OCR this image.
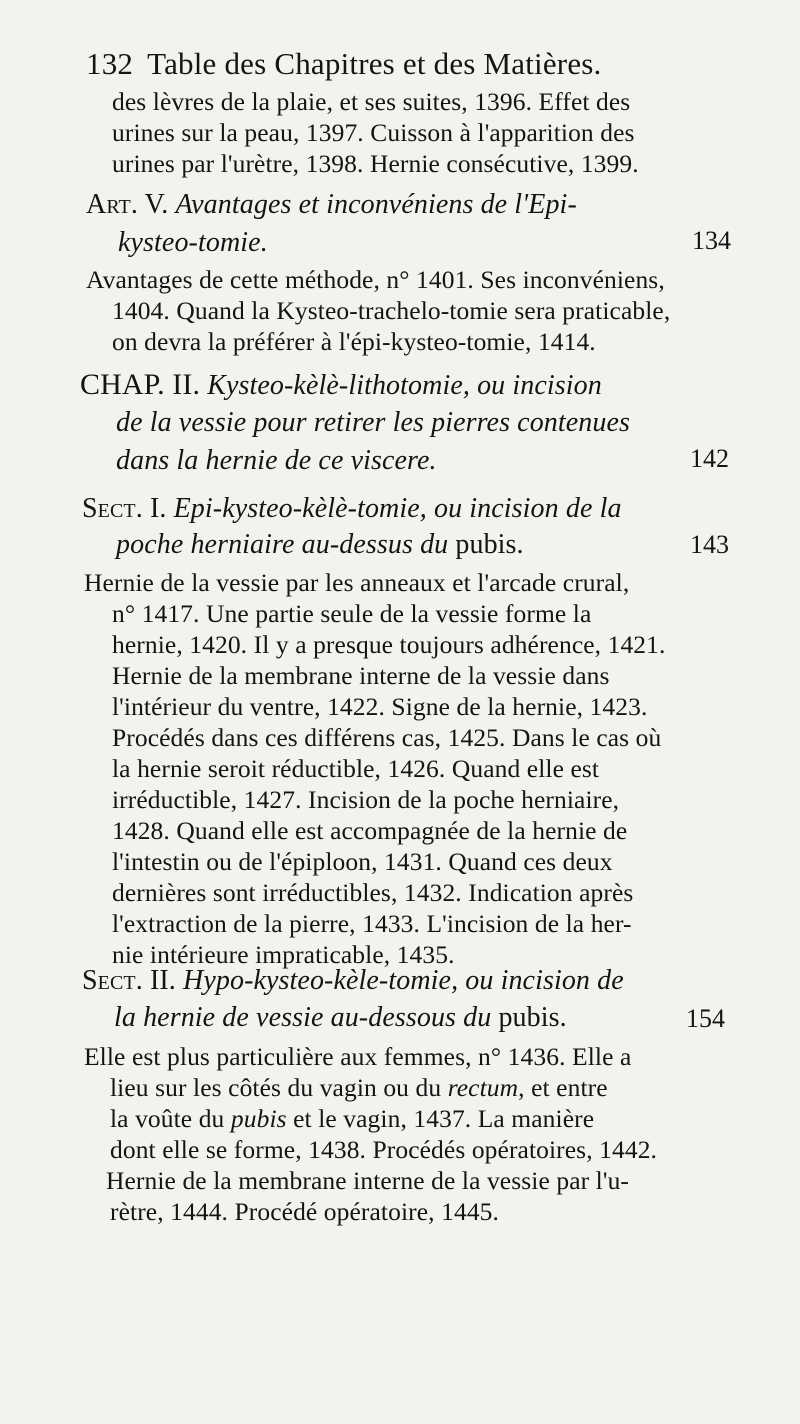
132 Table des Chapitres et des Matières.
des lèvres de la plaie, et ses suites, 1396. Effet des
urines sur la peau, 1397. Cuisson à l'apparition des
urines par l'urètre, 1398. Hernie consécutive, 1399.
Art. V. Avantages et inconvéniens de l'Epi-
kysteo-tomie.	134
Avantages de cette méthode, n° 1401. Ses inconvéniens,
1404. Quand la Kysteo-trachelo-tomie sera praticable,
on devra la préférer à l'épi-kysteo-tomie, 1414.
CHAP. II. Kysteo-kèlè-lithotomie, ou incision
de la vessie pour retirer les pierres contenues
dans la hernie de ce viscere.	142
Sect. I. Epi-kysteo-kèlè-tomie, ou incision de la
poche herniaire au-dessus du pubis.	143
Hernie de la vessie par les anneaux et l'arcade crural,
n° 1417. Une partie seule de la vessie forme la
hernie, 1420. Il y a presque toujours adhérence, 1421.
Hernie de la membrane interne de la vessie dans
l'intérieur du ventre, 1422. Signe de la hernie, 1423.
Procédés dans ces différens cas, 1425. Dans le cas où
la hernie seroit réductible, 1426. Quand elle est
irréductible, 1427. Incision de la poche herniaire,
1428. Quand elle est accompagnée de la hernie de
l'intestin ou de l'épiploon, 1431. Quand ces deux
dernières sont irréductibles, 1432. Indication après
l'extraction de la pierre, 1433. L'incision de la her-
nie intérieure impraticable, 1435.
Sect. II. Hypo-kysteo-kèle-tomie, ou incision de
la hernie de vessie au-dessous du pubis.	154
Elle est plus particulière aux femmes, n° 1436. Elle a
lieu sur les côtés du vagin ou du rectum, et entre
la voûte du pubis et le vagin, 1437. La manière
dont elle se forme, 1438. Procédés opératoires, 1442.
Hernie de la membrane interne de la vessie par l'u-
rètre, 1444. Procédé opératoire, 1445.
